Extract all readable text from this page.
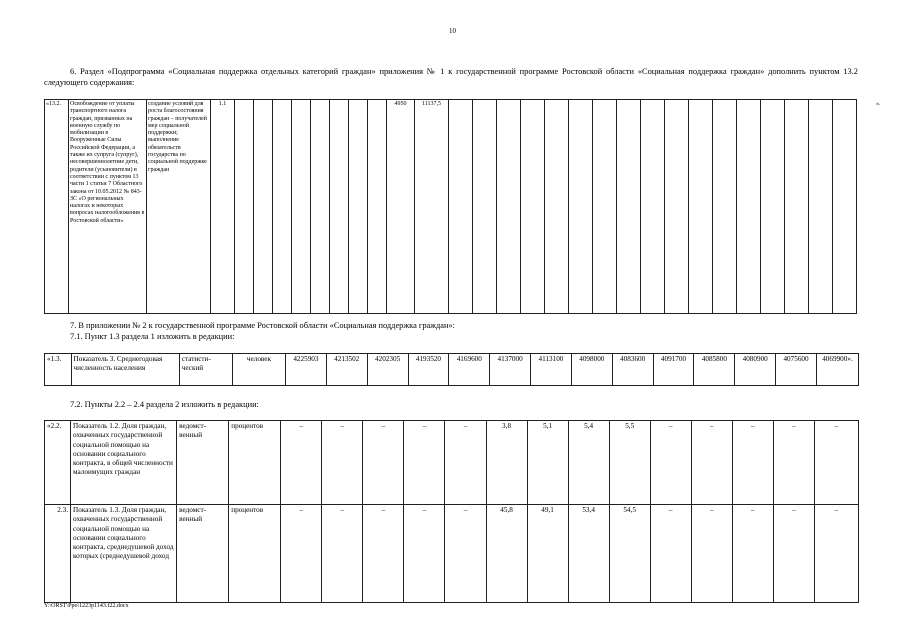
10
6. Раздел «Подпрограмма «Социальная поддержка отдельных категорий граждан» приложения № 1 к государственной программе Ростовской области «Социальная поддержка граждан» дополнить пунктом 13.2 следующего содержания:
«13.2.	Освобождение от уплаты транспортного налога граждан, призванных на военную службу по мобилизации в Вооруженные Силы Российской Федерации, а также их супруга (супруг), несовершеннолетние дети, родители (усыновители) в соответствии с пунктом 13 части 1 статьи 7 Областного закона от 10.05.2012 № 843-ЗС «О региональных налогах и некоторых вопросах налогообложения в Ростовской области»	создание условий для роста благосостояния граждан – получателей мер социальной поддержки; выполнение обязательств государства по социальной поддержке граждан	1.1									4950	11137,5																		».
7. В приложении № 2 к государственной программе Ростовской области «Социальная поддержка граждан»:
7.1. Пункт 1.3 раздела 1 изложить в редакции:
«1.3.	Показатель 3. Среднегодовая численность населения	статисти-ческий	человек	4225903	4213502	4202305	4193520	4169600	4137000	4113100	4098000	4083600	4091700	4085800	4080900	4075600	4069900».
7.2. Пункты 2.2 – 2.4 раздела 2 изложить в редакции:
«2.2.	Показатель 1.2. Доля граждан, охваченных государственной социальной помощью на основании социального контракта, в общей численности малоимущих граждан	ведомст-венный	процентов	–	–	–	–	–	3,8	5,1	5,4	5,5	–	–	–	–	–
2.3.	Показатель 1.3. Доля граждан, охваченных государственной социальной помощью на основании социального контракта, среднедушевой доход которых (среднедушевой доход	ведомст-венный	процентов	–	–	–	–	–	45,8	49,1	53,4	54,5	–	–	–	–	–
Y:\ORST\Ppo\1223p1143.f22.docx
